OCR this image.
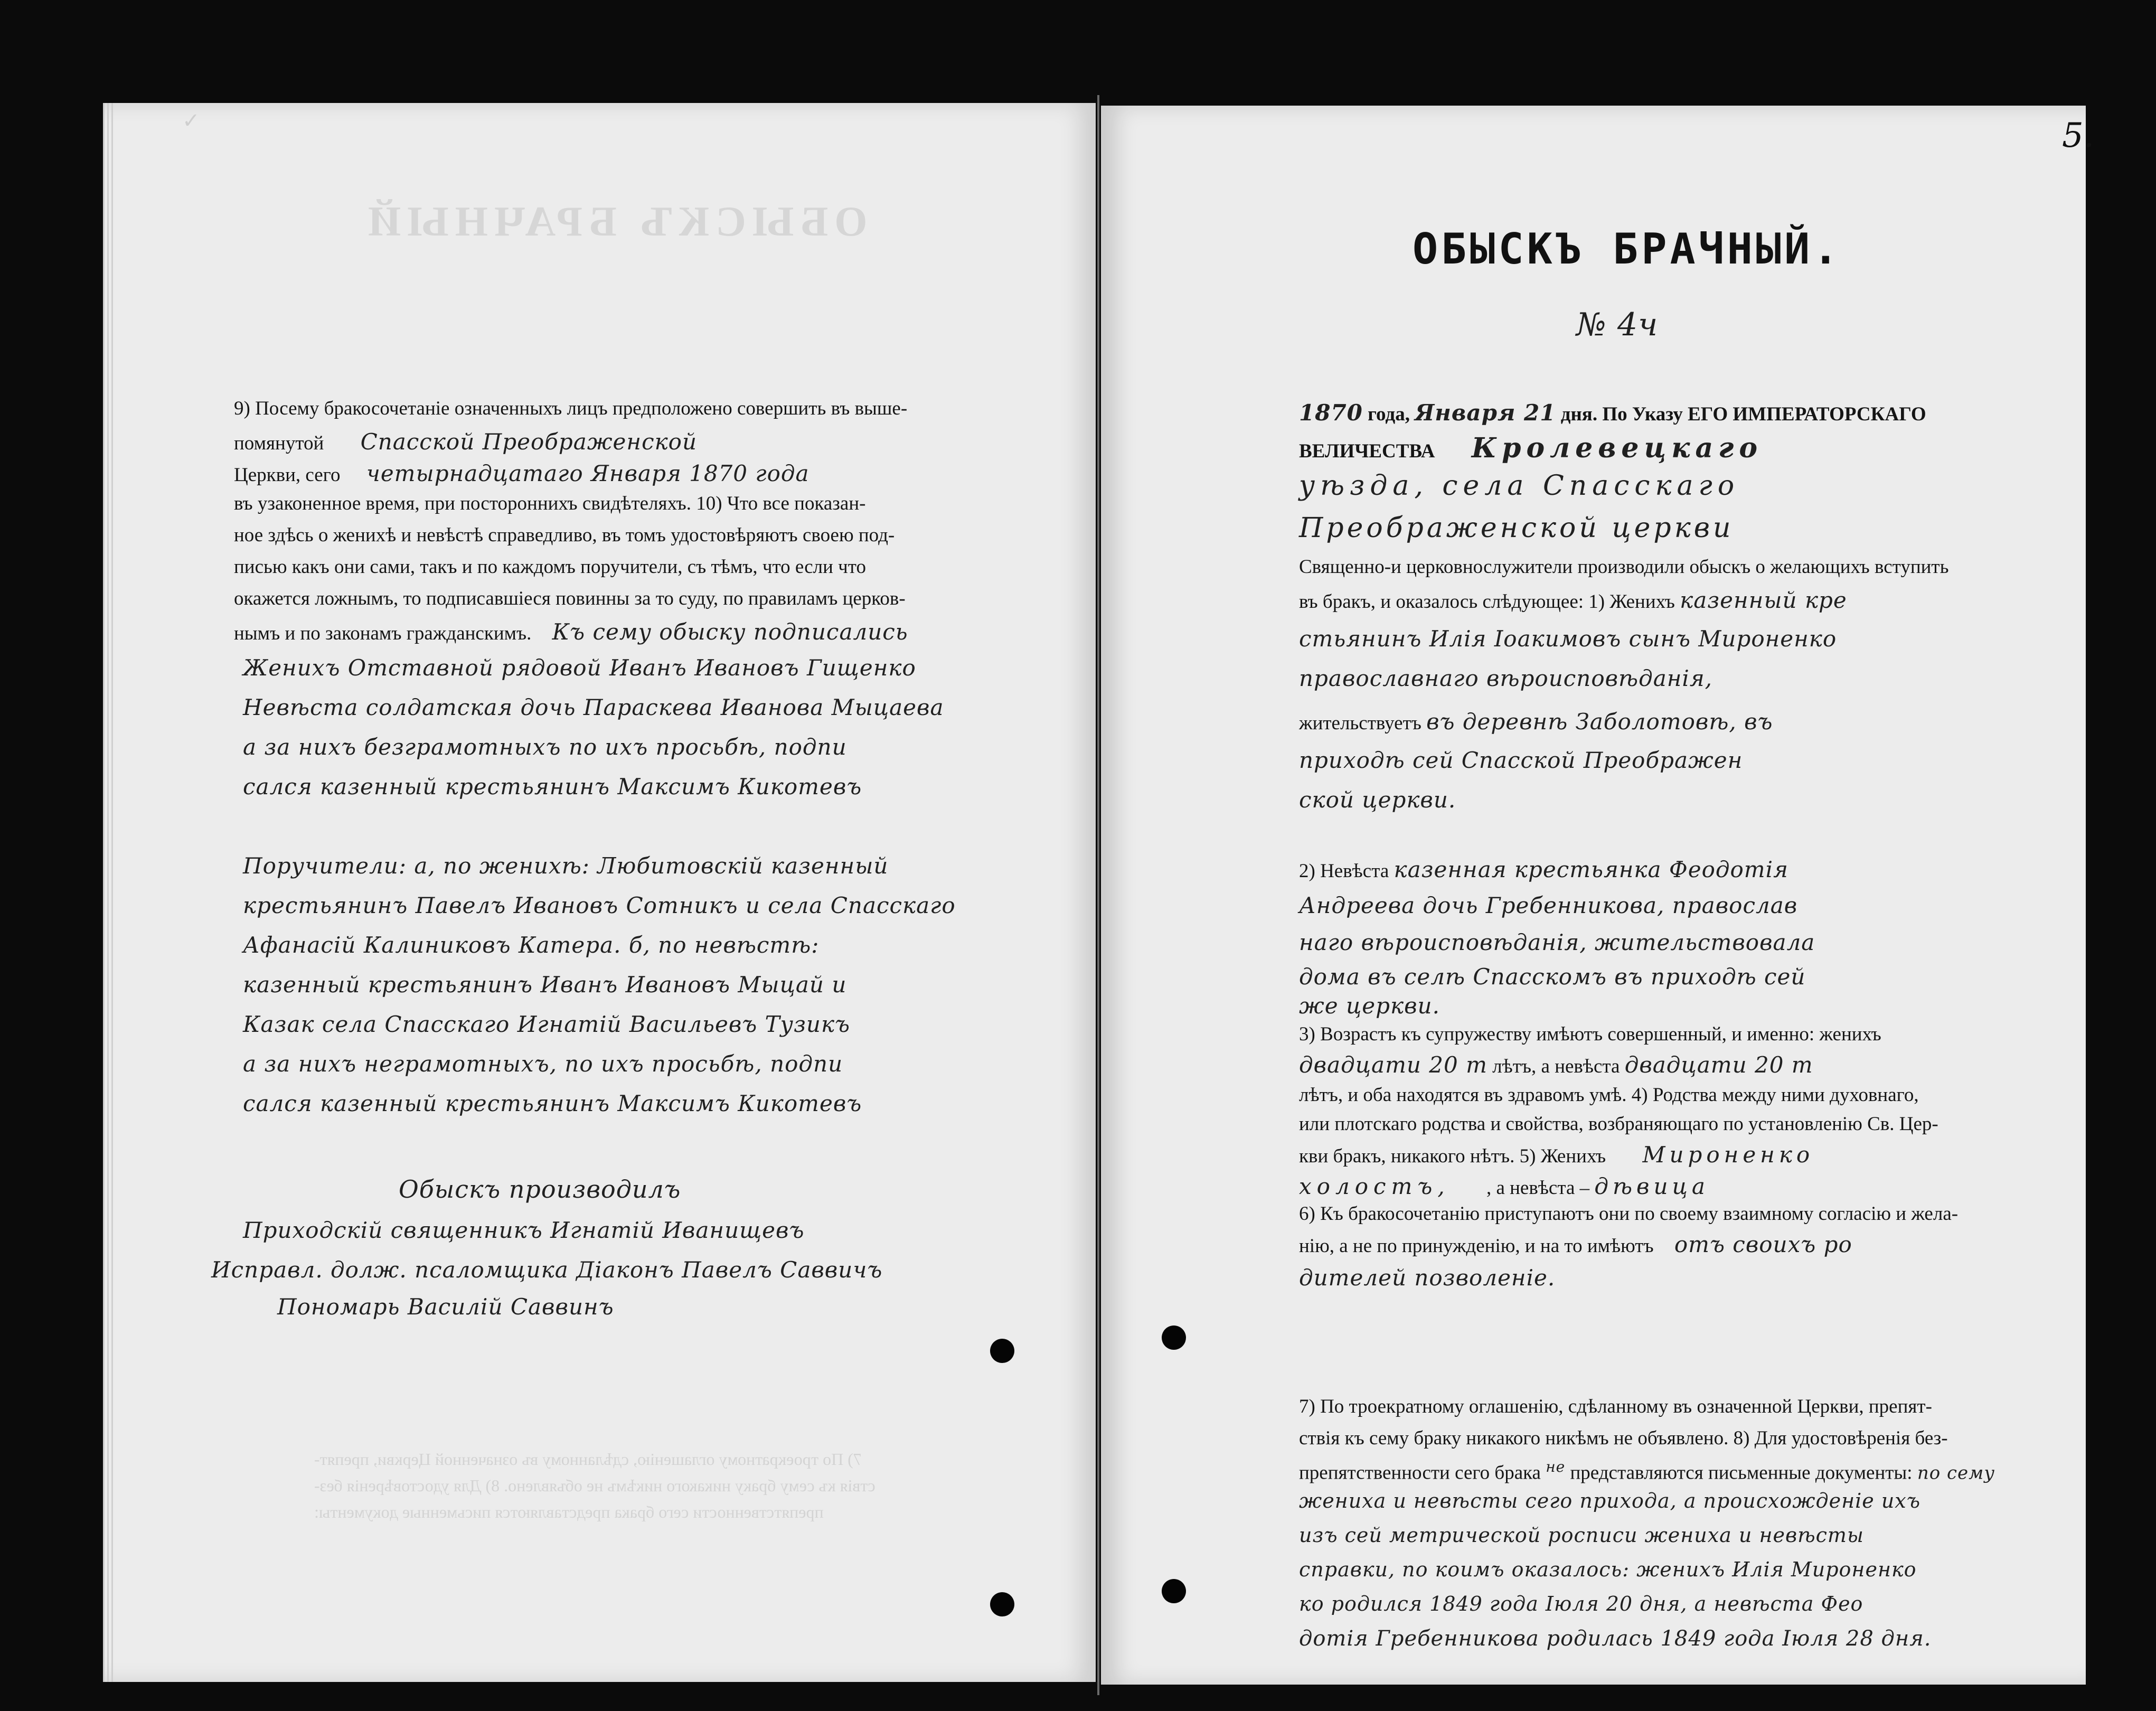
ОБЫСКЪ БРАЧНЫЙ
✓
9) Посему бракосочетаніе означенныхъ лицъ предположено совершить въ выше-
помянутой Спасской Преображенской
Церкви, сего четырнадцатаго Января 1870 года
въ узаконенное время, при постороннихъ свидѣтеляхъ. 10) Что все показан-
ное здѣсь о женихѣ и невѣстѣ справедливо, въ томъ удостовѣряютъ своею под-
писью какъ они сами, такъ и по каждомъ поручители, съ тѣмъ, что если что
окажется ложнымъ, то подписавшіеся повинны за то суду, по правиламъ церков-
нымъ и по законамъ гражданскимъ. Къ сему обыску подписались
Женихъ Отставной рядовой Иванъ Ивановъ Гищенко
Невѣста солдатская дочь Параскева Иванова Мыцаева
а за нихъ безграмотныхъ по ихъ просьбѣ, подпи
сался казенный крестьянинъ Максимъ Кикотевъ
Поручители: а, по женихѣ: Любитовскій казенный
крестьянинъ Павелъ Ивановъ Сотникъ и села Спасскаго
Афанасій Калиниковъ Катера. б, по невѣстѣ:
казенный крестьянинъ Иванъ Ивановъ Мыцай и
Казак села Спасскаго Игнатій Васильевъ Тузикъ
а за нихъ неграмотныхъ, по ихъ просьбѣ, подпи
сался казенный крестьянинъ Максимъ Кикотевъ
Обыскъ производилъ
Приходскій священникъ Игнатій Иванищевъ
Исправл. долж. псаломщика Діаконъ Павелъ Саввичъ
Пономарь Василій Саввинъ
7) По троекратному оглашенію, сдѣланному въ означенной Церкви, препят-
ствія къ сему браку никакого никѣмъ не объявлено. 8) Для удостовѣренія без-
препятственности сего брака представляются письменные документы:
5.
ОБЫСКЪ БРАЧНЫЙ.
№ 4ч
1870 года, Января 21 дня. По Указу ЕГО ИМПЕРАТОРСКАГО
ВЕЛИЧЕСТВА Кролевецкаго
уѣзда, села Спасскаго
Преображенской церкви
Священно-и церковнослужители производили обыскъ о желающихъ вступить
въ бракъ, и оказалось слѣдующее: 1) Женихъ казенный кре
стьянинъ Илія Іоакимовъ сынъ Мироненко
православнаго вѣроисповѣданія,
жительствуетъ въ деревнѣ Заболотовѣ, въ
приходѣ сей Спасской Преображен
ской церкви.
2) Невѣста казенная крестьянка Феодотія
Андреева дочь Гребенникова, православ
наго вѣроисповѣданія, жительствовала
дома въ селѣ Спасскомъ въ приходѣ сей
же церкви.
3) Возрастъ къ супружеству имѣютъ совершенный, и именно: женихъ
двадцати 20 т лѣтъ, а невѣста двадцати 20 т
лѣтъ, и оба находятся въ здравомъ умѣ. 4) Родства между ними духовнаго,
или плотскаго родства и свойства, возбраняющаго по установленію Св. Цер-
кви бракъ, никакого нѣтъ. 5) Женихъ Мироненко
холостъ, , а невѣста – дѣвица
6) Къ бракосочетанію приступаютъ они по своему взаимному согласію и жела-
нію, а не по принужденію, и на то имѣютъ отъ своихъ ро
дителей позволеніе.
7) По троекратному оглашенію, сдѣланному въ означенной Церкви, препят-
ствія къ сему браку никакого никѣмъ не объявлено. 8) Для удостовѣренія без-
препятственности сего брака $^{не}$ представляются письменные документы: по сему
жениха и невѣсты сего прихода, а происхожденіе ихъ
изъ сей метрической росписи жениха и невѣсты
справки, по коимъ оказалось: женихъ Илія Мироненко
ко родился 1849 года Іюля 20 дня, а невѣста Фео
дотія Гребенникова родилась 1849 года Іюля 28 дня.
